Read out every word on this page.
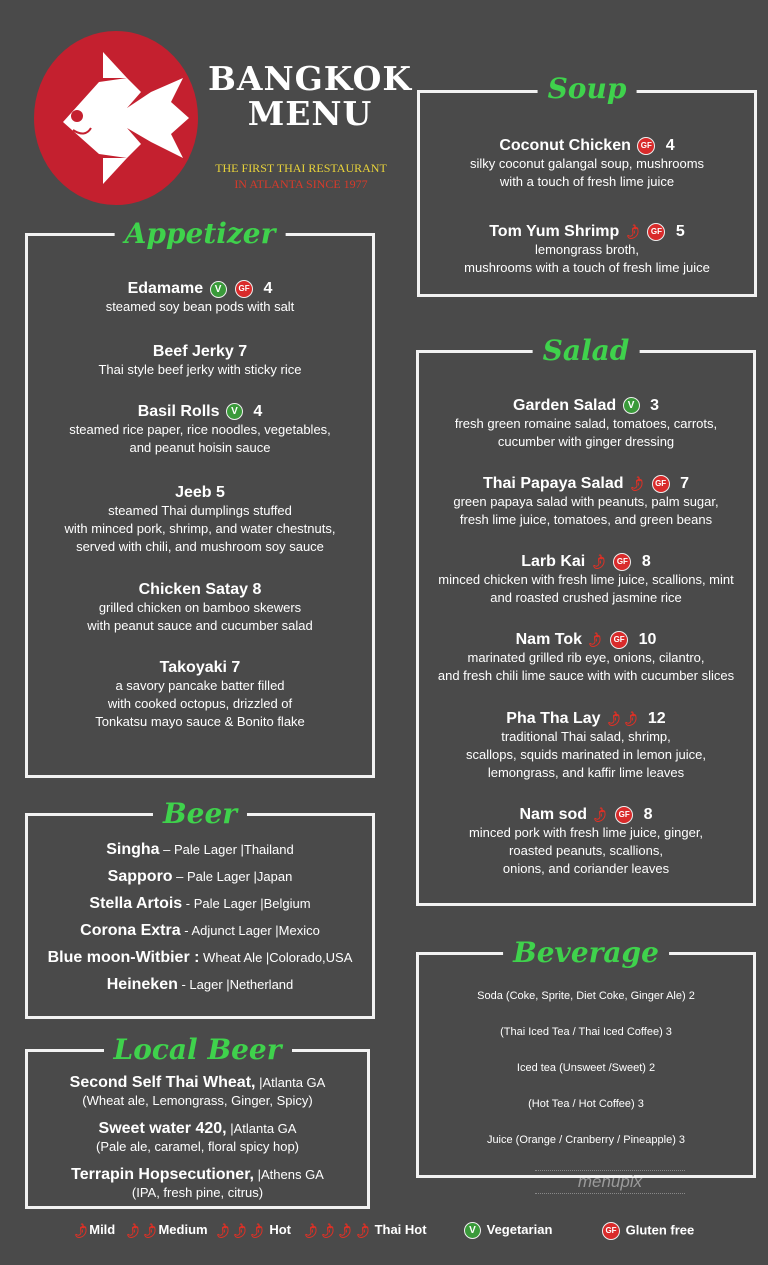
BANGKOK
MENU
THE FIRST THAI RESTAURANT
IN ATLANTA SINCE 1977
Appetizer
Edamame V GF 4
steamed soy bean pods with salt
Beef Jerky 7
Thai style beef jerky with sticky rice
Basil Rolls V 4
steamed rice paper, rice noodles, vegetables,
and peanut hoisin sauce
Jeeb 5
steamed Thai dumplings stuffed
with minced pork, shrimp, and water chestnuts,
served with chili, and mushroom soy sauce
Chicken Satay 8
grilled chicken on bamboo skewers
with peanut sauce and cucumber salad
Takoyaki 7
a savory pancake batter filled
with cooked octopus, drizzled of
Tonkatsu mayo sauce & Bonito flake
Beer
Singha – Pale Lager |Thailand
Sapporo – Pale Lager |Japan
Stella Artois - Pale Lager |Belgium
Corona Extra - Adjunct Lager |Mexico
Blue moon-Witbier : Wheat Ale |Colorado,USA
Heineken - Lager |Netherland
Local Beer
Second Self Thai Wheat, |Atlanta GA
(Wheat ale, Lemongrass, Ginger, Spicy)
Sweet water 420, |Atlanta GA
(Pale ale, caramel, floral spicy hop)
Terrapin Hopsecutioner, |Athens GA
(IPA, fresh pine, citrus)
Soup
Coconut Chicken GF 4
silky coconut galangal soup, mushrooms
with a touch of fresh lime juice
Tom Yum Shrimp 🌶 GF 5
lemongrass broth,
mushrooms with a touch of fresh lime juice
Salad
Garden Salad V 3
fresh green romaine salad, tomatoes, carrots,
cucumber with ginger dressing
Thai Papaya Salad 🌶 GF 7
green papaya salad with peanuts, palm sugar,
fresh lime juice, tomatoes, and green beans
Larb Kai 🌶 GF 8
minced chicken with fresh lime juice, scallions, mint
and roasted crushed jasmine rice
Nam Tok 🌶 GF 10
marinated grilled rib eye, onions, cilantro,
and fresh chili lime sauce with with cucumber slices
Pha Tha Lay 🌶🌶 12
traditional Thai salad, shrimp,
scallops, squids marinated in lemon juice,
lemongrass, and kaffir lime leaves
Nam sod 🌶 GF 8
minced pork with fresh lime juice, ginger,
roasted peanuts, scallions,
onions, and coriander leaves
Beverage
Soda (Coke, Sprite, Diet Coke, Ginger Ale) 2
(Thai Iced Tea / Thai Iced Coffee) 3
Iced tea (Unsweet /Sweet) 2
(Hot Tea / Hot Coffee) 3
Juice (Orange / Cranberry / Pineapple) 3
menupix
🌶Mild 🌶🌶Medium 🌶🌶🌶 Hot 🌶🌶🌶🌶 Thai Hot	V Vegetarian	GF Gluten free
